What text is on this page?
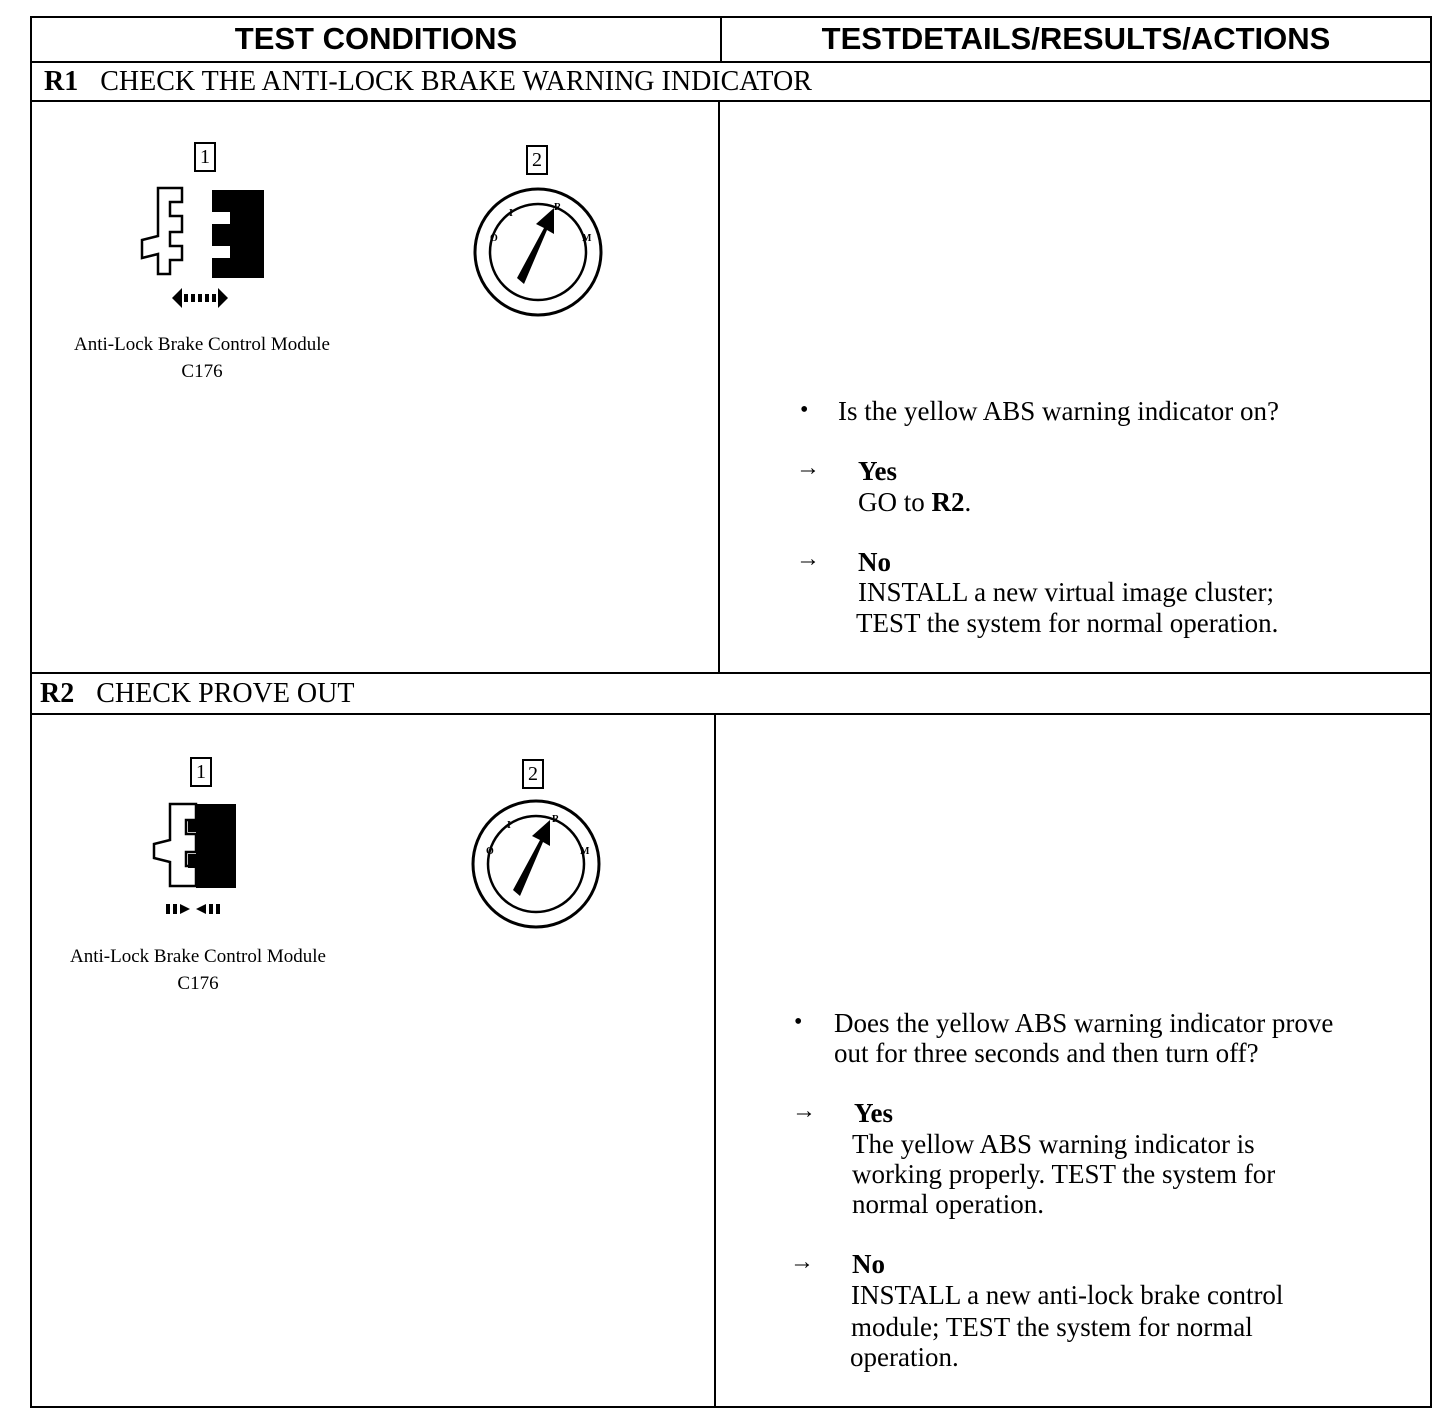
TEST CONDITIONS	TESTDETAILS/RESULTS/ACTIONS
R1 CHECK THE ANTI-LOCK BRAKE WARNING INDICATOR
1
Anti-Lock Brake Control Module
C176
2
O
I
R
M
• Is the yellow ABS warning indicator on?
→ Yes
GO to R2.
→ No
INSTALL a new virtual image cluster;
TEST the system for normal operation.
R2 CHECK PROVE OUT
1
Anti-Lock Brake Control Module
C176
2
O
I
R
M
• Does the yellow ABS warning indicator prove
out for three seconds and then turn off?
→ Yes
The yellow ABS warning indicator is
working properly. TEST the system for
normal operation.
→ No
INSTALL a new anti-lock brake control
module; TEST the system for normal
operation.
